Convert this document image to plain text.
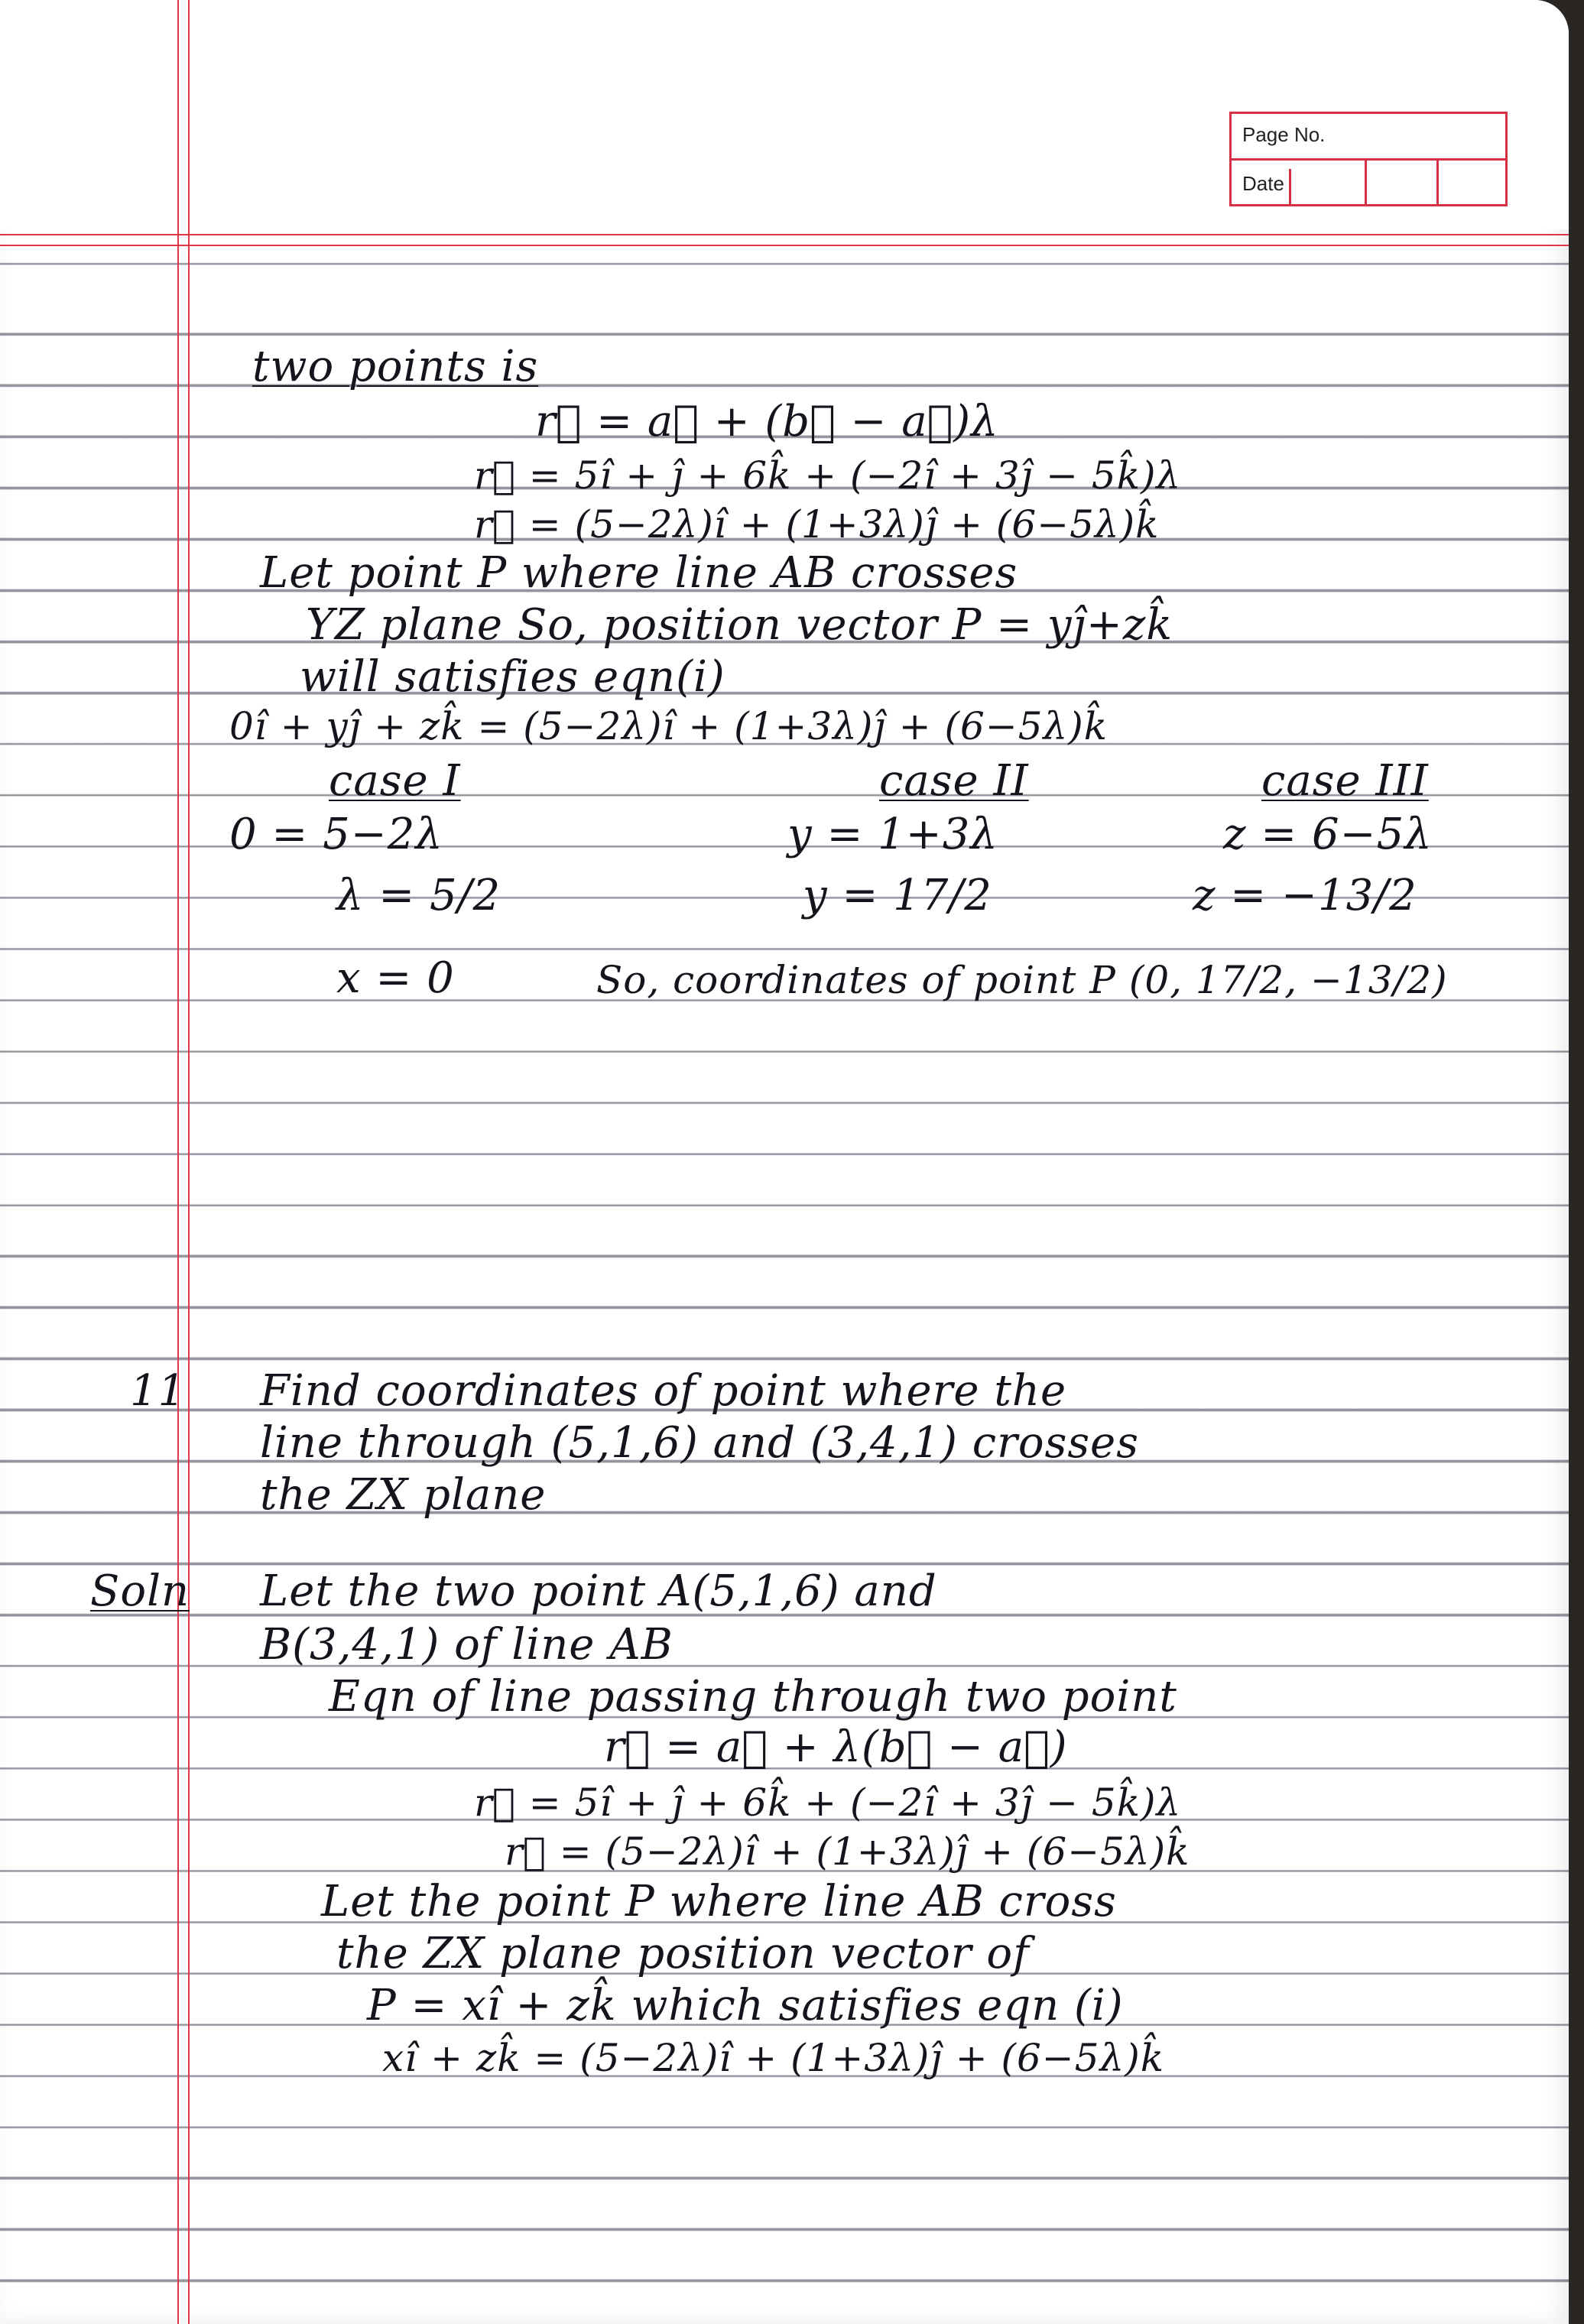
Page No.
Date
two points is
r⃗ = a⃗ + (b⃗ − a⃗)λ
r⃗ = 5î + ĵ + 6k̂ + (−2î + 3ĵ − 5k̂)λ
r⃗ = (5−2λ)î + (1+3λ)ĵ + (6−5λ)k̂
Let point P where line AB crosses
YZ plane So, position vector P = yĵ+zk̂
will satisfies eqn(i)
0î + yĵ + zk̂ = (5−2λ)î + (1+3λ)ĵ + (6−5λ)k̂
case I	case II	case III
0 = 5−2λ	y = 1+3λ	z = 6−5λ
λ = 5/2	y = 17/2	z = −13/2
x = 0	So, coordinates of point P (0, 17/2, −13/2)
11 Find coordinates of point where the
line through (5,1,6) and (3,4,1) crosses
the ZX plane
Soln Let the two point A(5,1,6) and
B(3,4,1) of line AB
Eqn of line passing through two point
r⃗ = a⃗ + λ(b⃗ − a⃗)
r⃗ = 5î + ĵ + 6k̂ + (−2î + 3ĵ − 5k̂)λ
r⃗ = (5−2λ)î + (1+3λ)ĵ + (6−5λ)k̂
Let the point P where line AB cross
the ZX plane position vector of
P = xî + zk̂ which satisfies eqn (i)
xî + zk̂ = (5−2λ)î + (1+3λ)ĵ + (6−5λ)k̂
